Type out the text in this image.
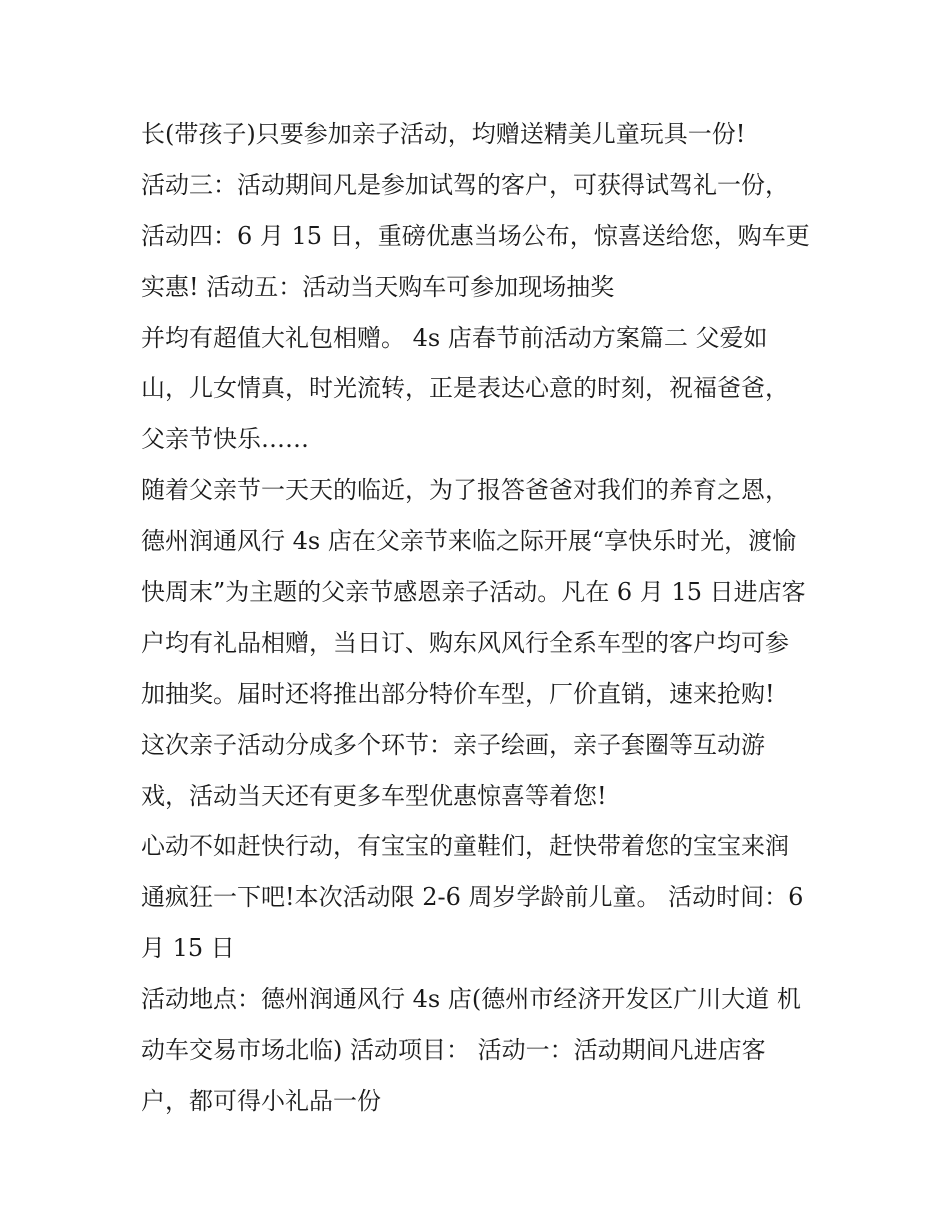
长(带孩子)只要参加亲子活动，均赠送精美儿童玩具一份!
活动三：活动期间凡是参加试驾的客户，可获得试驾礼一份，
活动四：6 月 15 日，重磅优惠当场公布，惊喜送给您，购车更
实惠! 活动五：活动当天购车可参加现场抽奖
并均有超值大礼包相赠。 4s 店春节前活动方案篇二 父爱如
山，儿女情真，时光流转，正是表达心意的时刻，祝福爸爸，
父亲节快乐……
随着父亲节一天天的临近，为了报答爸爸对我们的养育之恩，
德州润通风行 4s 店在父亲节来临之际开展“享快乐时光，渡愉
快周末”为主题的父亲节感恩亲子活动。凡在 6 月 15 日进店客
户均有礼品相赠，当日订、购东风风行全系车型的客户均可参
加抽奖。届时还将推出部分特价车型，厂价直销，速来抢购!
这次亲子活动分成多个环节：亲子绘画，亲子套圈等互动游
戏，活动当天还有更多车型优惠惊喜等着您!
心动不如赶快行动，有宝宝的童鞋们，赶快带着您的宝宝来润
通疯狂一下吧!本次活动限 2-6 周岁学龄前儿童。 活动时间：6
月 15 日
活动地点：德州润通风行 4s 店(德州市经济开发区广川大道 机
动车交易市场北临) 活动项目： 活动一：活动期间凡进店客
户，都可得小礼品一份
